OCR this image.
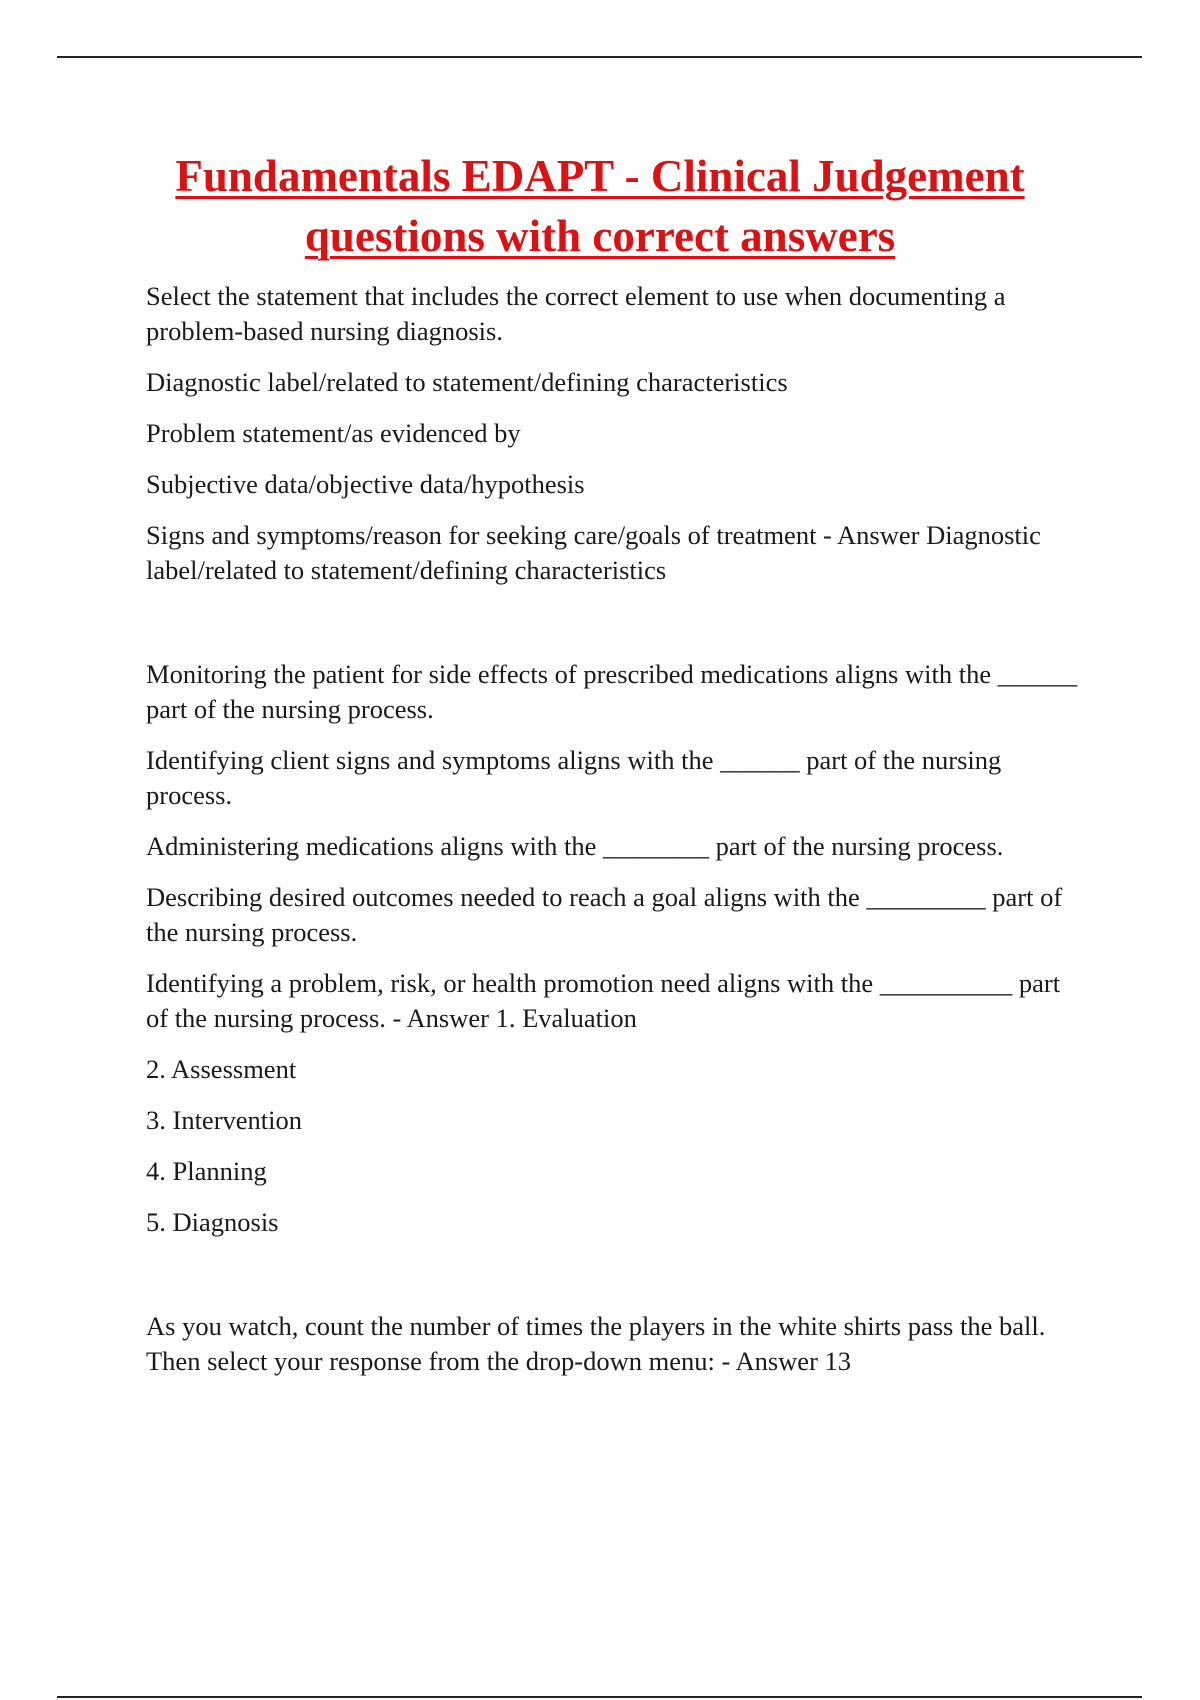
Fundamentals EDAPT - Clinical Judgement
questions with correct answers

Select the statement that includes the correct element to use when documenting a problem-based nursing diagnosis.

Diagnostic label/related to statement/defining characteristics

Problem statement/as evidenced by

Subjective data/objective data/hypothesis

Signs and symptoms/reason for seeking care/goals of treatment - Answer Diagnostic label/related to statement/defining characteristics

Monitoring the patient for side effects of prescribed medications aligns with the ______ part of the nursing process.

Identifying client signs and symptoms aligns with the ______ part of the nursing process.

Administering medications aligns with the ________ part of the nursing process.

Describing desired outcomes needed to reach a goal aligns with the _________ part of the nursing process.

Identifying a problem, risk, or health promotion need aligns with the __________ part of the nursing process. - Answer 1. Evaluation

2. Assessment

3. Intervention

4. Planning

5. Diagnosis

As you watch, count the number of times the players in the white shirts pass the ball. Then select your response from the drop-down menu: - Answer 13
